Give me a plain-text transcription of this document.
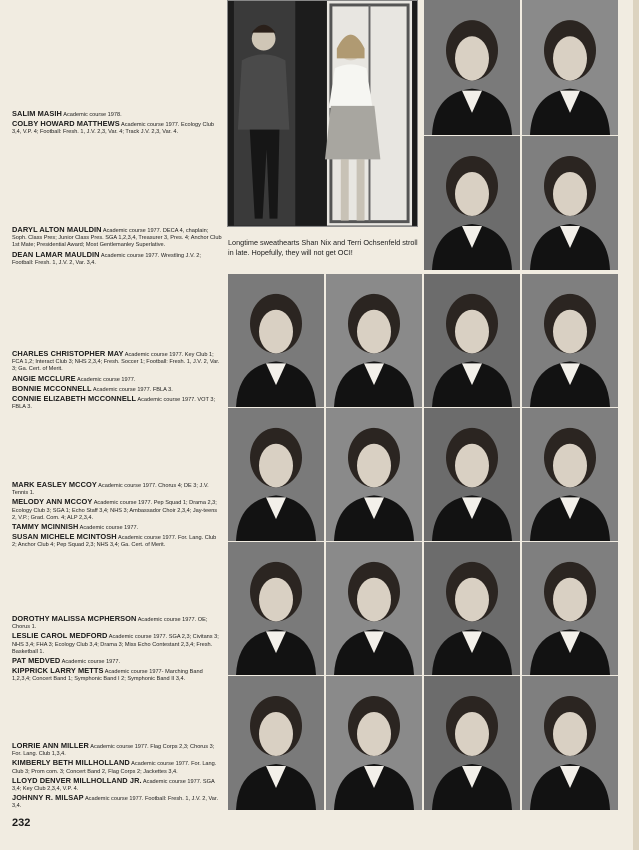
Longtime sweathearts Shan Nix and Terri Ochsenfeld stroll in late. Hopefully, they will not get OCI!
SALIM MASIH Academic course 1978.
COLBY HOWARD MATTHEWS Academic course 1977. Ecology Club 3,4, V.P. 4; Football: Fresh. 1, J.V. 2,3, Var. 4; Track J.V. 2,3, Var. 4.
DARYL ALTON MAULDIN Academic course 1977. DECA 4, chaplain; Soph. Class Pres; Junior Class Pres. SGA 1,2,3,4, Treasurer 3, Pres. 4; Anchor Club 1st Mate; Presidential Award; Most Gentlemanley Superlative.
DEAN LAMAR MAULDIN Academic course 1977. Wrestling J.V. 2; Football: Fresh. 1, J.V. 2, Var. 3,4.
CHARLES CHRISTOPHER MAY Academic course 1977. Key Club 1; FCA 1,2; Interact Club 3; NHS 2,3,4; Fresh. Soccer 1; Football: Fresh. 1, J.V. 2, Var. 3; Ga. Cert. of Merit.
ANGIE MCCLURE Academic course 1977.
BONNIE MCCONNELL Academic course 1977. FBLA 3.
CONNIE ELIZABETH MCCONNELL Academic course 1977. VOT 3; FBLA 3.
MARK EASLEY MCCOY Academic course 1977. Chorus 4; DE 3; J.V. Tennis 1.
MELODY ANN MCCOY Academic course 1977. Pep Squad 1; Drama 2,3; Ecology Club 3; SGA 1; Echo Staff 3,4; NHS 3; Ambassador Choir 2,3,4; Jay-teens 2, V.P.; Grad. Com. 4; ALP 2,3,4.
TAMMY MCINNISH Academic course 1977.
SUSAN MICHELE MCINTOSH Academic course 1977. For. Lang. Club 2; Anchor Club 4; Pep Squad 2,3; NHS 3,4; Ga. Cert. of Merit.
DOROTHY MALISSA MCPHERSON Academic course 1977. OE; Chorus 1.
LESLIE CAROL MEDFORD Academic course 1977. SGA 2,3; Civitans 3; NHS 3,4; FHA 3; Ecology Club 3,4; Drama 3; Miss Echo Contestant 2,3,4; Fresh. Basketball 1.
PAT MEDVED Academic course 1977.
KIPPRICK LARRY METTS Academic course 1977- Marching Band 1,2,3,4; Concert Band 1; Symphonic Band I 2; Symphonic Band II 3,4.
LORRIE ANN MILLER Academic course 1977. Flag Corps 2,3; Chorus 3; For. Lang. Club 1,3,4.
KIMBERLY BETH MILLHOLLAND Academic course 1977. For. Lang. Club 3; Prom com. 3; Concert Band 2, Flag Corps 2; Jackettes 3,4.
LLOYD DENVER MILLHOLLAND JR. Academic course 1977. SGA 3,4; Key Club 2,3,4, V.P. 4.
JOHNNY R. MILSAP Academic course 1977. Football: Fresh. 1, J.V. 2, Var. 3,4.
232
